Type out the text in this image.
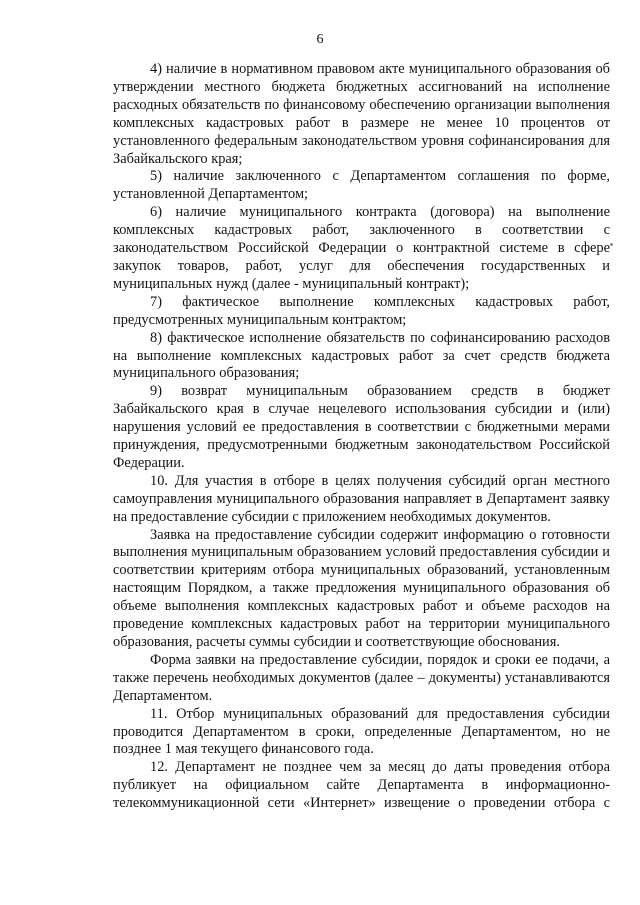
6

4) наличие в нормативном правовом акте муниципального образования об утверждении местного бюджета бюджетных ассигнований на исполнение расходных обязательств по финансовому обеспечению организации выполнения комплексных кадастровых работ в размере не менее 10 процентов от установленного федеральным законодательством уровня софинансирования для Забайкальского края;

5) наличие заключенного с Департаментом соглашения по форме, установленной Департаментом;

6) наличие муниципального контракта (договора) на выполнение комплексных кадастровых работ, заключенного в соответствии с законодательством Российской Федерации о контрактной системе в сфере закупок товаров, работ, услуг для обеспечения государственных и муниципальных нужд (далее - муниципальный контракт);

7) фактическое выполнение комплексных кадастровых работ, предусмотренных муниципальным контрактом;

8) фактическое исполнение обязательств по софинансированию расходов на выполнение комплексных кадастровых работ за счет средств бюджета муниципального образования;

9) возврат муниципальным образованием средств в бюджет Забайкальского края в случае нецелевого использования субсидии и (или) нарушения условий ее предоставления в соответствии с бюджетными мерами принуждения, предусмотренными бюджетным законодательством Российской Федерации.

10. Для участия в отборе в целях получения субсидий орган местного самоуправления муниципального образования направляет в Департамент заявку на предоставление субсидии с приложением необходимых документов.

Заявка на предоставление субсидии содержит информацию о готовности выполнения муниципальным образованием условий предоставления субсидии и соответствии критериям отбора муниципальных образований, установленным настоящим Порядком, а также предложения муниципального образования об объеме выполнения комплексных кадастровых работ и объеме расходов на проведение комплексных кадастровых работ на территории муниципального образования, расчеты суммы субсидии и соответствующие обоснования.

Форма заявки на предоставление субсидии, порядок и сроки ее подачи, а также перечень необходимых документов (далее – документы) устанавливаются Департаментом.

11. Отбор муниципальных образований для предоставления субсидии проводится Департаментом в сроки, определенные Департаментом, но не позднее 1 мая текущего финансового года.

12. Департамент не позднее чем за месяц до даты проведения отбора публикует на официальном сайте Департамента в информационно-телекоммуникационной сети «Интернет» извещение о проведении отбора с
